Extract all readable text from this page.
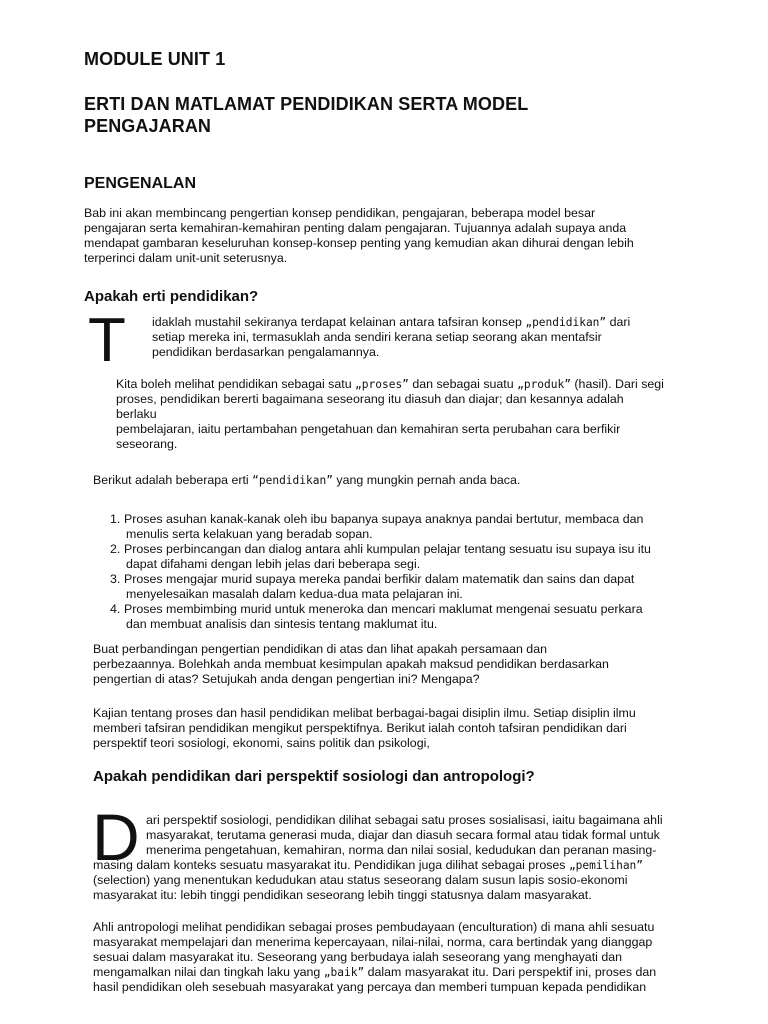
MODULE UNIT 1
ERTI DAN MATLAMAT PENDIDIKAN SERTA MODEL
PENGAJARAN
PENGENALAN
Bab ini akan membincang pengertian konsep pendidikan, pengajaran, beberapa model besar
pengajaran serta kemahiran-kemahiran penting dalam pengajaran. Tujuannya adalah supaya anda
mendapat gambaran keseluruhan konsep-konsep penting yang kemudian akan dihurai dengan lebih
terperinci dalam unit-unit seterusnya.
Apakah erti pendidikan?
T idaklah mustahil sekiranya terdapat kelainan antara tafsiran konsep „pendidikan” dari
setiap mereka ini, termasuklah anda sendiri kerana setiap seorang akan mentafsir
pendidikan berdasarkan pengalamannya.
Kita boleh melihat pendidikan sebagai satu „proses” dan sebagai suatu „produk” (hasil). Dari segi
proses, pendidikan bererti bagaimana seseorang itu diasuh dan diajar; dan kesannya adalah
berlaku
pembelajaran, iaitu pertambahan pengetahuan dan kemahiran serta perubahan cara berfikir
seseorang.
Berikut adalah beberapa erti “pendidikan” yang mungkin pernah anda baca.
1. Proses asuhan kanak-kanak oleh ibu bapanya supaya anaknya pandai bertutur, membaca dan
menulis serta kelakuan yang beradab sopan.
2. Proses perbincangan dan dialog antara ahli kumpulan pelajar tentang sesuatu isu supaya isu itu
dapat difahami dengan lebih jelas dari beberapa segi.
3. Proses mengajar murid supaya mereka pandai berfikir dalam matematik dan sains dan dapat
menyelesaikan masalah dalam kedua-dua mata pelajaran ini.
4. Proses membimbing murid untuk meneroka dan mencari maklumat mengenai sesuatu perkara
dan membuat analisis dan sintesis tentang maklumat itu.
Buat perbandingan pengertian pendidikan di atas dan lihat apakah persamaan dan
perbezaannya. Bolehkah anda membuat kesimpulan apakah maksud pendidikan berdasarkan
pengertian di atas? Setujukah anda dengan pengertian ini? Mengapa?
Kajian tentang proses dan hasil pendidikan melibat berbagai-bagai disiplin ilmu. Setiap disiplin ilmu
memberi tafsiran pendidikan mengikut perspektifnya. Berikut ialah contoh tafsiran pendidikan dari
perspektif teori sosiologi, ekonomi, sains politik dan psikologi,
Apakah pendidikan dari perspektif sosiologi dan antropologi?
D ari perspektif sosiologi, pendidikan dilihat sebagai satu proses sosialisasi, iaitu bagaimana ahli
masyarakat, terutama generasi muda, diajar dan diasuh secara formal atau tidak formal untuk
menerima pengetahuan, kemahiran, norma dan nilai sosial, kedudukan dan peranan masing-
masing dalam konteks sesuatu masyarakat itu. Pendidikan juga dilihat sebagai proses „pemilihan”
(selection) yang menentukan kedudukan atau status seseorang dalam susun lapis sosio-ekonomi
masyarakat itu: lebih tinggi pendidikan seseorang lebih tinggi statusnya dalam masyarakat.
Ahli antropologi melihat pendidikan sebagai proses pembudayaan (enculturation) di mana ahli sesuatu
masyarakat mempelajari dan menerima kepercayaan, nilai-nilai, norma, cara bertindak yang dianggap
sesuai dalam masyarakat itu. Seseorang yang berbudaya ialah seseorang yang menghayati dan
mengamalkan nilai dan tingkah laku yang „baik” dalam masyarakat itu. Dari perspektif ini, proses dan
hasil pendidikan oleh sesebuah masyarakat yang percaya dan memberi tumpuan kepada pendidikan
